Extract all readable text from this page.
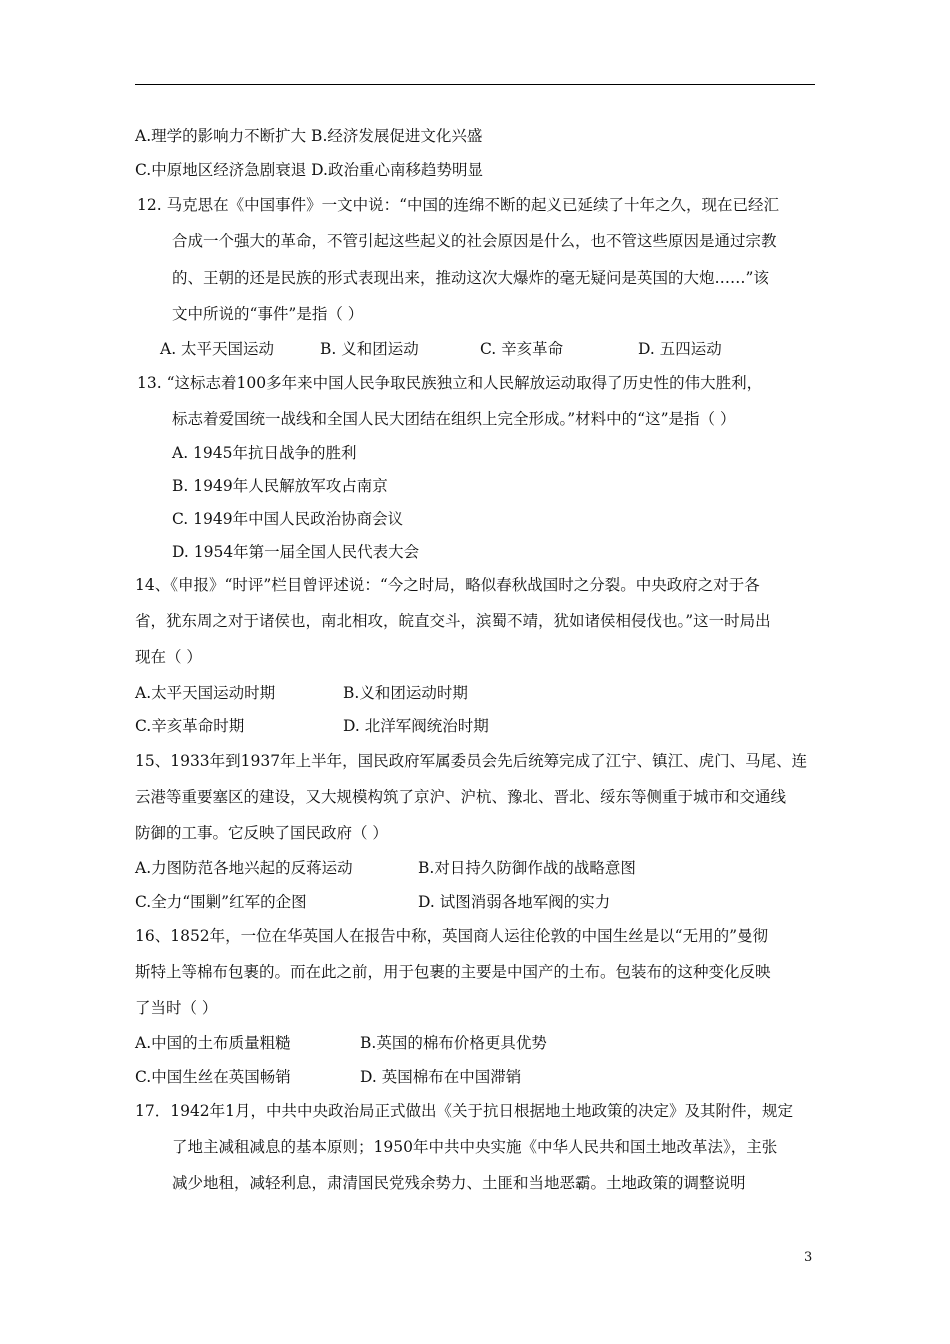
A.理学的影响力不断扩大 B.经济发展促进文化兴盛
C.中原地区经济急剧衰退 D.政治重心南移趋势明显
12. 马克思在《中国事件》一文中说：“中国的连绵不断的起义已延续了十年之久，现在已经汇
合成一个强大的革命，不管引起这些起义的社会原因是什么，也不管这些原因是通过宗教
的、王朝的还是民族的形式表现出来，推动这次大爆炸的毫无疑问是英国的大炮……”该
文中所说的“事件”是指（ ）
A. 太平天国运动	B. 义和团运动	C. 辛亥革命	D. 五四运动
13. “这标志着100多年来中国人民争取民族独立和人民解放运动取得了历史性的伟大胜利，
标志着爱国统一战线和全国人民大团结在组织上完全形成。”材料中的“这”是指（ ）
A. 1945年抗日战争的胜利
B. 1949年人民解放军攻占南京
C. 1949年中国人民政治协商会议
D. 1954年第一届全国人民代表大会
14、《申报》“时评”栏目曾评述说：“今之时局，略似春秋战国时之分裂。中央政府之对于各
省，犹东周之对于诸侯也，南北相攻，皖直交斗，滨蜀不靖，犹如诸侯相侵伐也。”这一时局出
现在（ ）
A.太平天国运动时期	B.义和团运动时期
C.辛亥革命时期	D. 北洋军阀统治时期
15、1933年到1937年上半年，国民政府军属委员会先后统筹完成了江宁、镇江、虎门、马尾、连
云港等重要塞区的建设，又大规模构筑了京沪、沪杭、豫北、晋北、绥东等侧重于城市和交通线
防御的工事。它反映了国民政府（ ）
A.力图防范各地兴起的反蒋运动	B.对日持久防御作战的战略意图
C.全力“围剿”红军的企图	D. 试图消弱各地军阀的实力
16、1852年，一位在华英国人在报告中称，英国商人运往伦敦的中国生丝是以“无用的”曼彻
斯特上等棉布包裹的。而在此之前，用于包裹的主要是中国产的土布。包装布的这种变化反映
了当时（ ）
A.中国的土布质量粗糙	B.英国的棉布价格更具优势
C.中国生丝在英国畅销	D. 英国棉布在中国滞销
17．1942年1月，中共中央政治局正式做出《关于抗日根据地土地政策的决定》及其附件，规定
了地主减租减息的基本原则；1950年中共中央实施《中华人民共和国土地改革法》，主张
减少地租，减轻利息，肃清国民党残余势力、土匪和当地恶霸。土地政策的调整说明
3
